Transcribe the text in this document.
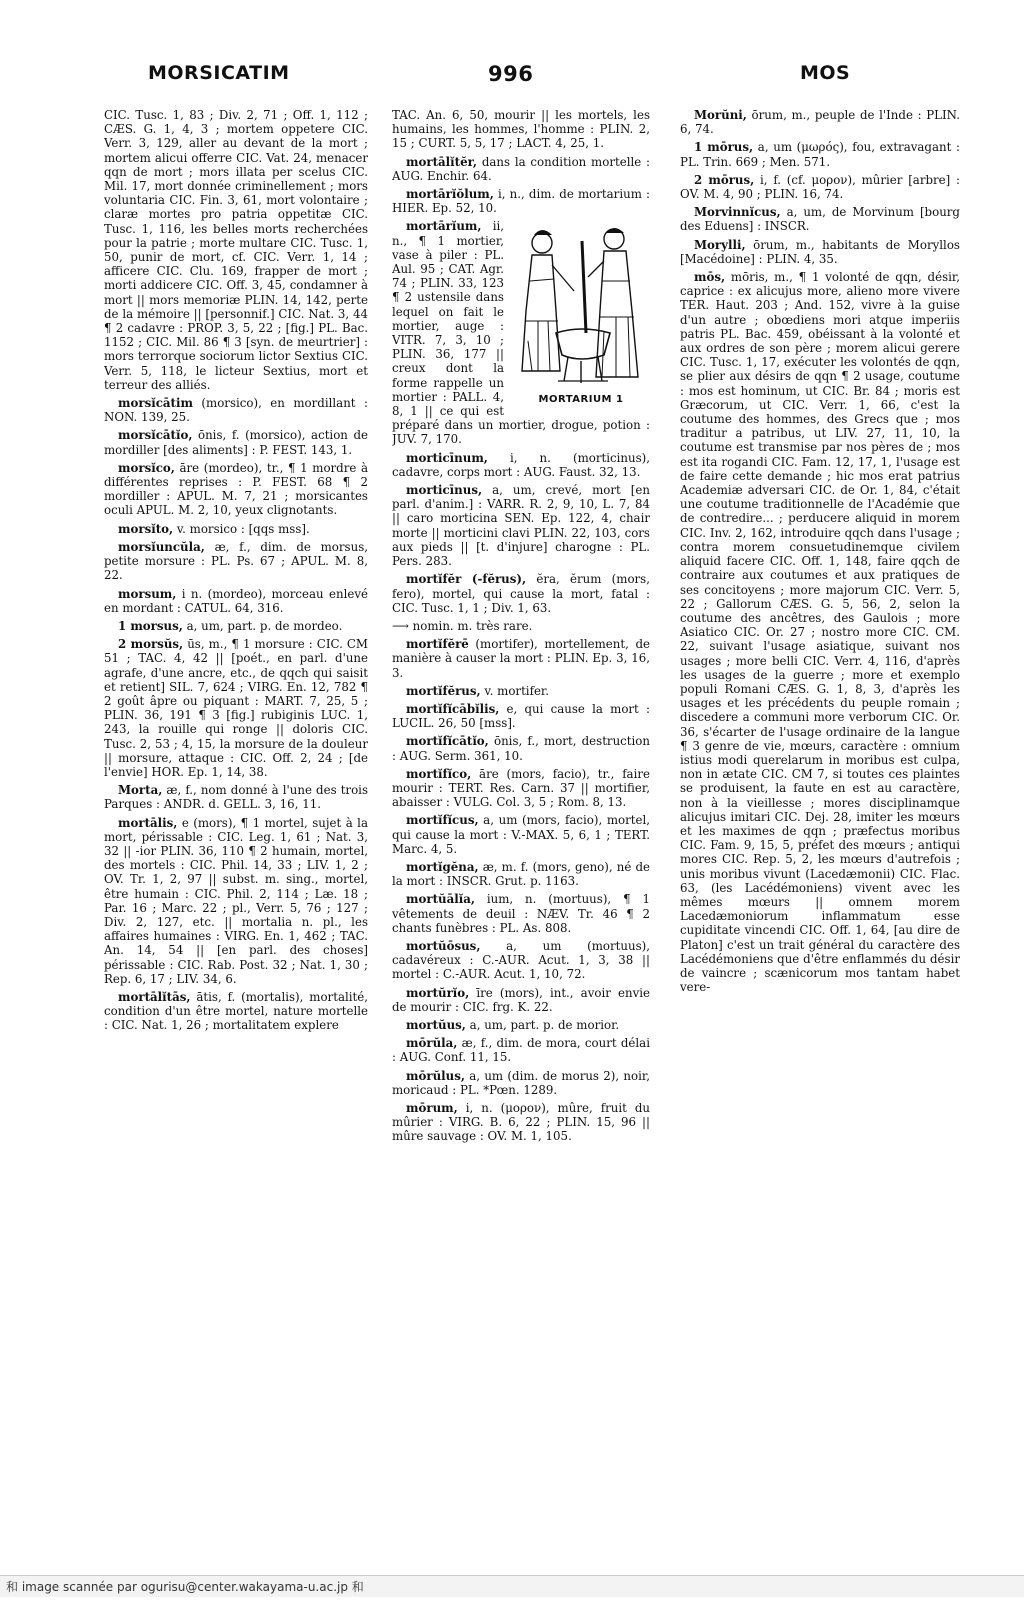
MORSICATIM	996	MOS

CIC. Tusc. 1, 83 ; Div. 2, 71 ; Off. 1, 112 ; CÆS. G. 1, 4, 3 ; mortem oppetere CIC. Verr. 3, 129, aller au devant de la mort ; mortem alicui offerre CIC. Vat. 24, menacer qqn de mort ; mors illata per scelus CIC. Mil. 17, mort donnée criminellement ; mors voluntaria CIC. Fin. 3, 61, mort volontaire ; claræ mortes pro patria oppetitæ CIC. Tusc. 1, 116, les belles morts recherchées pour la patrie ; morte multare CIC. Tusc. 1, 50, punir de mort, cf. CIC. Verr. 1, 14 ; afficere CIC. Clu. 169, frapper de mort ; morti addicere CIC. Off. 3, 45, condamner à mort || mors memoriæ PLIN. 14, 142, perte de la mémoire || [personnif.] CIC. Nat. 3, 44 ¶ 2 cadavre : PROP. 3, 5, 22 ; [fig.] PL. Bac. 1152 ; CIC. Mil. 86 ¶ 3 [syn. de meurtrier] : mors terrorque sociorum lictor Sextius CIC. Verr. 5, 118, le licteur Sextius, mort et terreur des alliés.

morsĭcātim (morsico), en mordillant : NON. 139, 25.

morsĭcātĭo, ōnis, f. (morsico), action de mordiller [des aliments] : P. FEST. 143, 1.

morsĭco, āre (mordeo), tr., ¶ 1 mordre à différentes reprises : P. FEST. 68 ¶ 2 mordiller : APUL. M. 7, 21 ; morsicantes oculi APUL. M. 2, 10, yeux clignotants.

morsĭto, v. morsico : [qqs mss].

morsĭuncŭla, æ, f., dim. de morsus, petite morsure : PL. Ps. 67 ; APUL. M. 8, 22.

morsum, i n. (mordeo), morceau enlevé en mordant : CATUL. 64, 316.

1 morsus, a, um, part. p. de mordeo.

2 morsŭs, ūs, m., ¶ 1 morsure : CIC. CM 51 ; TAC. 4, 42 || [poét., en parl. d'une agrafe, d'une ancre, etc., de qqch qui saisit et retient] SIL. 7, 624 ; VIRG. En. 12, 782 ¶ 2 goût âpre ou piquant : MART. 7, 25, 5 ; PLIN. 36, 191 ¶ 3 [fig.] rubiginis LUC. 1, 243, la rouille qui ronge || doloris CIC. Tusc. 2, 53 ; 4, 15, la morsure de la douleur || morsure, attaque : CIC. Off. 2, 24 ; [de l'envie] HOR. Ep. 1, 14, 38.

Morta, æ, f., nom donné à l'une des trois Parques : ANDR. d. GELL. 3, 16, 11.

mortālis, e (mors), ¶ 1 mortel, sujet à la mort, périssable : CIC. Leg. 1, 61 ; Nat. 3, 32 || -ior PLIN. 36, 110 ¶ 2 humain, mortel, des mortels : CIC. Phil. 14, 33 ; LIV. 1, 2 ; OV. Tr. 1, 2, 97 || subst. m. sing., mortel, être humain : CIC. Phil. 2, 114 ; Læ. 18 ; Par. 16 ; Marc. 22 ; pl., Verr. 5, 76 ; 127 ; Div. 2, 127, etc. || mortalia n. pl., les affaires humaines : VIRG. En. 1, 462 ; TAC. An. 14, 54 || [en parl. des choses] périssable : CIC. Rab. Post. 32 ; Nat. 1, 30 ; Rep. 6, 17 ; LIV. 34, 6.

mortālĭtās, ātis, f. (mortalis), mortalité, condition d'un être mortel, nature mortelle : CIC. Nat. 1, 26 ; mortalitatem explere

TAC. An. 6, 50, mourir || les mortels, les humains, les hommes, l'homme : PLIN. 2, 15 ; CURT. 5, 5, 17 ; LACT. 4, 25, 1.

mortālĭtĕr, dans la condition mortelle : AUG. Enchir. 64.

mortārĭŏlum, i, n., dim. de mortarium : HIER. Ep. 52, 10.

MORTARIUM 1

mortārĭum, ii, n., ¶ 1 mortier, vase à piler : PL. Aul. 95 ; CAT. Agr. 74 ; PLIN. 33, 123 ¶ 2 ustensile dans lequel on fait le mortier, auge : VITR. 7, 3, 10 ; PLIN. 36, 177 || creux dont la forme rappelle un mortier : PALL. 4, 8, 1 || ce qui est préparé dans un mortier, drogue, potion : JUV. 7, 170.

morticīnum, i, n. (morticinus), cadavre, corps mort : AUG. Faust. 32, 13.

morticīnus, a, um, crevé, mort [en parl. d'anim.] : VARR. R. 2, 9, 10, L. 7, 84 || caro morticina SEN. Ep. 122, 4, chair morte || morticini clavi PLIN. 22, 103, cors aux pieds || [t. d'injure] charogne : PL. Pers. 283.

mortĭfĕr (-fĕrus), ĕra, ĕrum (mors, fero), mortel, qui cause la mort, fatal : CIC. Tusc. 1, 1 ; Div. 1, 63.

⟶ nomin. m. très rare.

mortĭfĕrē (mortifer), mortellement, de manière à causer la mort : PLIN. Ep. 3, 16, 3.

mortĭfĕrus, v. mortifer.

mortĭfĭcābĭlis, e, qui cause la mort : LUCIL. 26, 50 [mss].

mortĭfĭcātĭo, ōnis, f., mort, destruction : AUG. Serm. 361, 10.

mortĭfĭco, āre (mors, facio), tr., faire mourir : TERT. Res. Carn. 37 || mortifier, abaisser : VULG. Col. 3, 5 ; Rom. 8, 13.

mortĭfĭcus, a, um (mors, facio), mortel, qui cause la mort : V.-MAX. 5, 6, 1 ; TERT. Marc. 4, 5.

mortĭgĕna, æ, m. f. (mors, geno), né de la mort : INSCR. Grut. p. 1163.

mortŭālĭa, ium, n. (mortuus), ¶ 1 vêtements de deuil : NÆV. Tr. 46 ¶ 2 chants funèbres : PL. As. 808.

mortŭōsus, a, um (mortuus), cadavéreux : C.-AUR. Acut. 1, 3, 38 || mortel : C.-AUR. Acut. 1, 10, 72.

mortŭrĭo, īre (mors), int., avoir envie de mourir : CIC. frg. K. 22.

mortŭus, a, um, part. p. de morior.

mōrŭla, æ, f., dim. de mora, court délai : AUG. Conf. 11, 15.

mōrŭlus, a, um (dim. de morus 2), noir, moricaud : PL. *Pœn. 1289.

mōrum, i, n. (μορον), mûre, fruit du mûrier : VIRG. B. 6, 22 ; PLIN. 15, 96 || mûre sauvage : OV. M. 1, 105.

Morŭni, ōrum, m., peuple de l'Inde : PLIN. 6, 74.

1 mōrus, a, um (μωρός), fou, extravagant : PL. Trin. 669 ; Men. 571.

2 mōrus, i, f. (cf. μορον), mûrier [arbre] : OV. M. 4, 90 ; PLIN. 16, 74.

Morvinnĭcus, a, um, de Morvinum [bourg des Eduens] : INSCR.

Morylli, ōrum, m., habitants de Moryllos [Macédoine] : PLIN. 4, 35.

mōs, mōris, m., ¶ 1 volonté de qqn, désir, caprice : ex alicujus more, alieno more vivere TER. Haut. 203 ; And. 152, vivre à la guise d'un autre ; obœdiens mori atque imperiis patris PL. Bac. 459, obéissant à la volonté et aux ordres de son père ; morem alicui gerere CIC. Tusc. 1, 17, exécuter les volontés de qqn, se plier aux désirs de qqn ¶ 2 usage, coutume : mos est hominum, ut CIC. Br. 84 ; moris est Græcorum, ut CIC. Verr. 1, 66, c'est la coutume des hommes, des Grecs que ; mos traditur a patribus, ut LIV. 27, 11, 10, la coutume est transmise par nos pères de ; mos est ita rogandi CIC. Fam. 12, 17, 1, l'usage est de faire cette demande ; hic mos erat patrius Academiæ adversari CIC. de Or. 1, 84, c'était une coutume traditionnelle de l'Académie que de contredire... ; perducere aliquid in morem CIC. Inv. 2, 162, introduire qqch dans l'usage ; contra morem consuetudinemque civilem aliquid facere CIC. Off. 1, 148, faire qqch de contraire aux coutumes et aux pratiques de ses concitoyens ; more majorum CIC. Verr. 5, 22 ; Gallorum CÆS. G. 5, 56, 2, selon la coutume des ancêtres, des Gaulois ; more Asiatico CIC. Or. 27 ; nostro more CIC. CM. 22, suivant l'usage asiatique, suivant nos usages ; more belli CIC. Verr. 4, 116, d'après les usages de la guerre ; more et exemplo populi Romani CÆS. G. 1, 8, 3, d'après les usages et les précédents du peuple romain ; discedere a communi more verborum CIC. Or. 36, s'écarter de l'usage ordinaire de la langue ¶ 3 genre de vie, mœurs, caractère : omnium istius modi querelarum in moribus est culpa, non in ætate CIC. CM 7, si toutes ces plaintes se produisent, la faute en est au caractère, non à la vieillesse ; mores disciplinamque alicujus imitari CIC. Dej. 28, imiter les mœurs et les maximes de qqn ; præfectus moribus CIC. Fam. 9, 15, 5, préfet des mœurs ; antiqui mores CIC. Rep. 5, 2, les mœurs d'autrefois ; unis moribus vivunt (Lacedæmonii) CIC. Flac. 63, (les Lacédémoniens) vivent avec les mêmes mœurs || omnem morem Lacedæmoniorum inflammatum esse cupiditate vincendi CIC. Off. 1, 64, [au dire de Platon] c'est un trait général du caractère des Lacédémoniens que d'être enflammés du désir de vaincre ; scænicorum mos tantam habet vere-

和 image scannée par ogurisu@center.wakayama-u.ac.jp 和
